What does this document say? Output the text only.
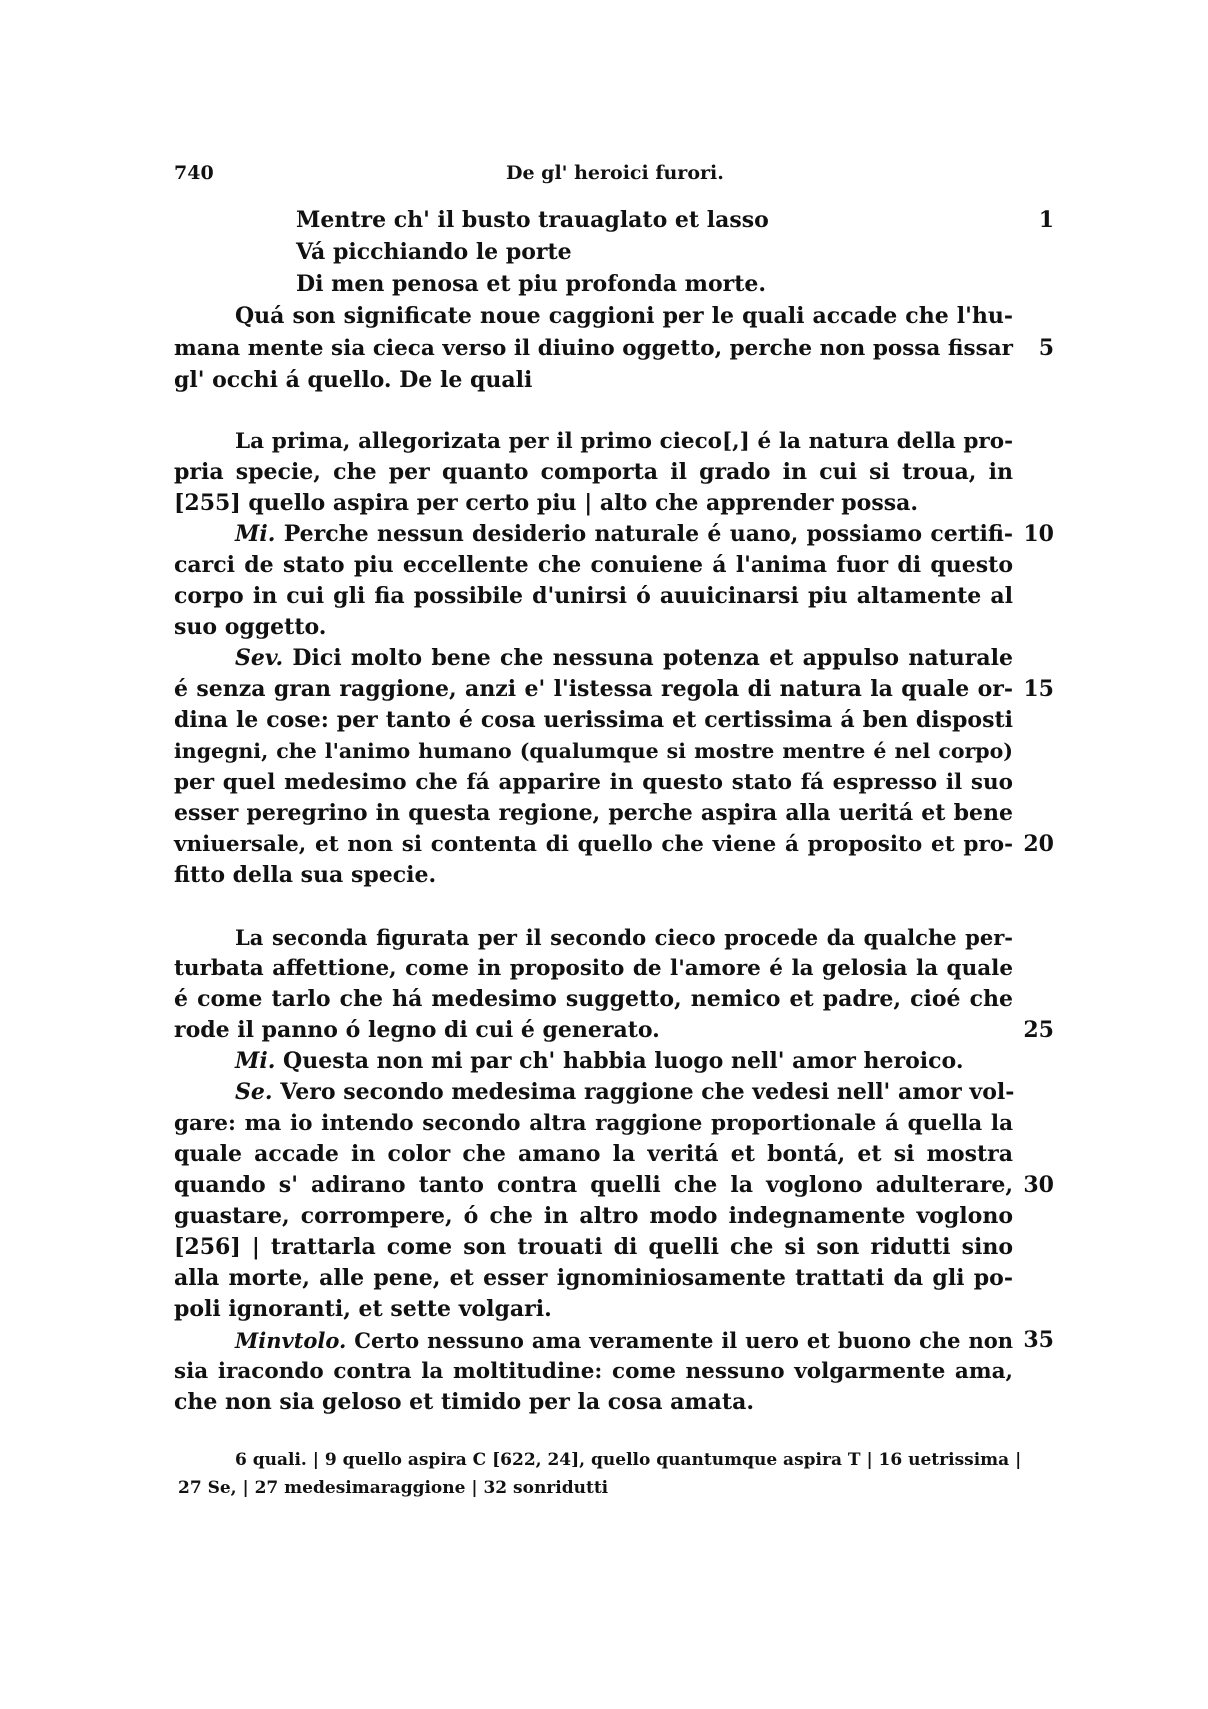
740	De gl' heroici furori.
Mentre ch' il busto trauaglato et lasso	1
Vá picchiando le porte
Di men penosa et piu profonda morte.
Quá son significate noue caggioni per le quali accade che l'hu-
mana mente sia cieca verso il diuino oggetto, perche non possa fissar	5
gl' occhi á quello. De le quali
La prima, allegorizata per il primo cieco[,] é la natura della pro-
pria specie, che per quanto comporta il grado in cui si troua, in
[255] quello aspira per certo piu | alto che apprender possa.
Mi. Perche nessun desiderio naturale é uano, possiamo certifi- 10
carci de stato piu eccellente che conuiene á l'anima fuor di questo
corpo in cui gli fia possibile d'unirsi ó auuicinarsi piu altamente al
suo oggetto.
Sev. Dici molto bene che nessuna potenza et appulso naturale
é senza gran raggione, anzi e' l'istessa regola di natura la quale or- 15
dina le cose: per tanto é cosa uerissima et certissima á ben disposti
ingegni, che l'animo humano (qualumque si mostre mentre é nel corpo)
per quel medesimo che fá apparire in questo stato fá espresso il suo
esser peregrino in questa regione, perche aspira alla ueritá et bene
vniuersale, et non si contenta di quello che viene á proposito et pro- 20
fitto della sua specie.
La seconda figurata per il secondo cieco procede da qualche per-
turbata affettione, come in proposito de l'amore é la gelosia la quale
é come tarlo che há medesimo suggetto, nemico et padre, cioé che
rode il panno ó legno di cui é generato.	25
Mi. Questa non mi par ch' habbia luogo nell' amor heroico.
Se. Vero secondo medesima raggione che vedesi nell' amor vol-
gare: ma io intendo secondo altra raggione proportionale á quella la
quale accade in color che amano la veritá et bontá, et si mostra
quando s' adirano tanto contra quelli che la voglono adulterare, 30
guastare, corrompere, ó che in altro modo indegnamente voglono
[256] | trattarla come son trouati di quelli che si son ridutti sino
alla morte, alle pene, et esser ignominiosamente trattati da gli po-
poli ignoranti, et sette volgari.
Minvtolo. Certo nessuno ama veramente il uero et buono che non 35
sia iracondo contra la moltitudine: come nessuno volgarmente ama,
che non sia geloso et timido per la cosa amata.
6 quali. | 9 quello aspira C [622, 24], quello quantumque aspira T | 16 uetrissima |
27 Se, | 27 medesimaraggione | 32 sonridutti
